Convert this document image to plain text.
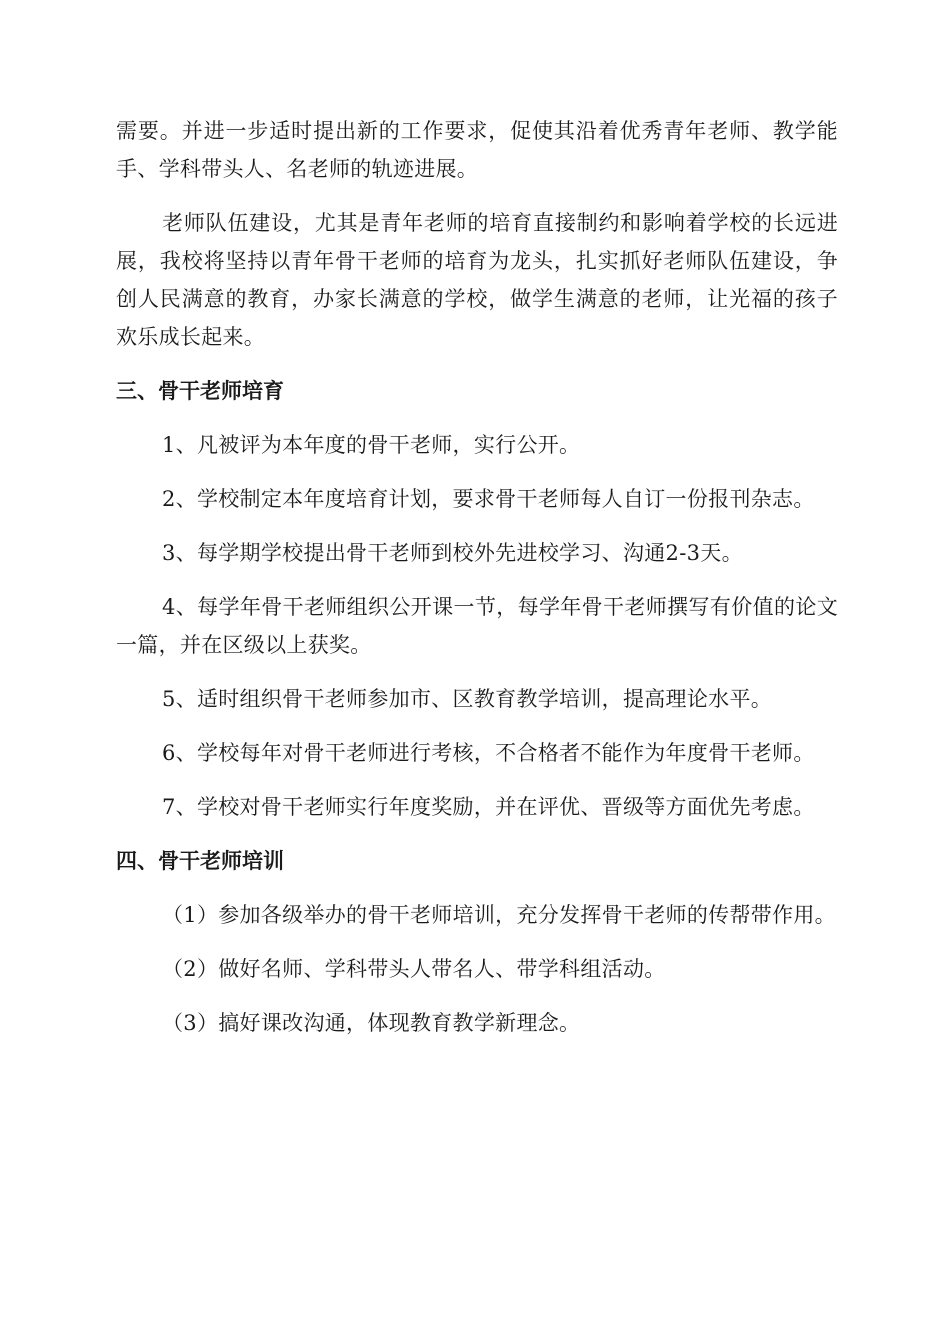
需要。并进一步适时提出新的工作要求，促使其沿着优秀青年老师、教学能手、学科带头人、名老师的轨迹进展。

老师队伍建设，尤其是青年老师的培育直接制约和影响着学校的长远进展，我校将坚持以青年骨干老师的培育为龙头，扎实抓好老师队伍建设，争创人民满意的教育，办家长满意的学校，做学生满意的老师，让光福的孩子欢乐成长起来。

三、骨干老师培育

1、凡被评为本年度的骨干老师，实行公开。

2、学校制定本年度培育计划，要求骨干老师每人自订一份报刊杂志。

3、每学期学校提出骨干老师到校外先进校学习、沟通2-3天。

4、每学年骨干老师组织公开课一节，每学年骨干老师撰写有价值的论文一篇，并在区级以上获奖。

5、适时组织骨干老师参加市、区教育教学培训，提高理论水平。

6、学校每年对骨干老师进行考核，不合格者不能作为年度骨干老师。

7、学校对骨干老师实行年度奖励，并在评优、晋级等方面优先考虑。

四、骨干老师培训

（1）参加各级举办的骨干老师培训，充分发挥骨干老师的传帮带作用。

（2）做好名师、学科带头人带名人、带学科组活动。

（3）搞好课改沟通，体现教育教学新理念。
